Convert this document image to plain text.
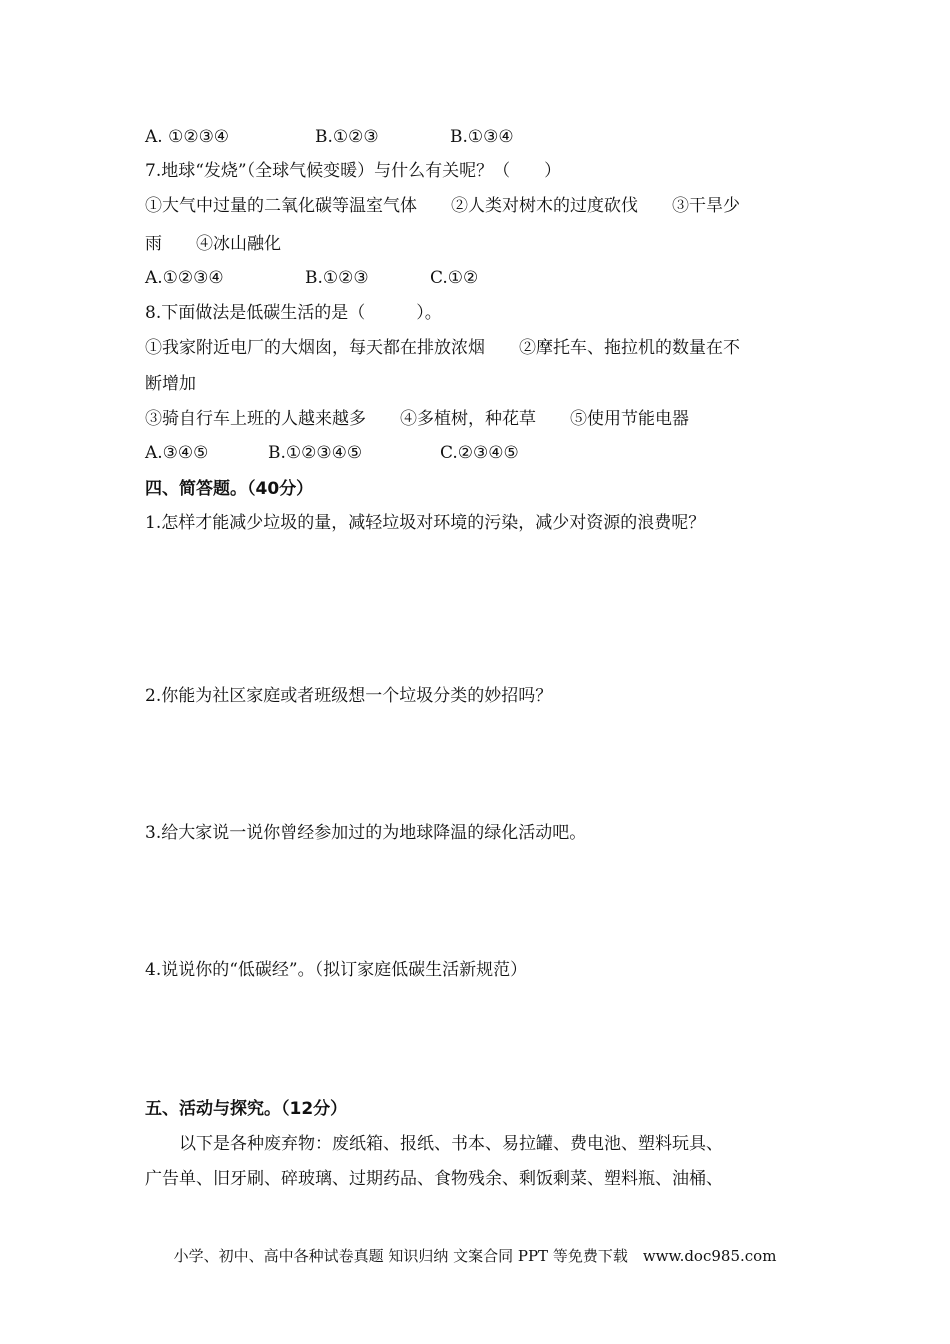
A. ①②③④	B.①②③	B.①③④
7.地球“发烧”（全球气候变暖）与什么有关呢？（　　）
①大气中过量的二氧化碳等温室气体　　②人类对树木的过度砍伐　　③干旱少
雨　　④冰山融化
A.①②③④	B.①②③	C.①②
8.下面做法是低碳生活的是（　　　）。
①我家附近电厂的大烟囱，每天都在排放浓烟　　②摩托车、拖拉机的数量在不
断增加
③骑自行车上班的人越来越多　　④多植树，种花草　　⑤使用节能电器
A.③④⑤	B.①②③④⑤	C.②③④⑤
四、简答题。（40分）
1.怎样才能减少垃圾的量，减轻垃圾对环境的污染，减少对资源的浪费呢？
2.你能为社区家庭或者班级想一个垃圾分类的妙招吗？
3.给大家说一说你曾经参加过的为地球降温的绿化活动吧。
4.说说你的“低碳经”。（拟订家庭低碳生活新规范）
五、活动与探究。（12分）
以下是各种废弃物：废纸箱、报纸、书本、易拉罐、费电池、塑料玩具、
广告单、旧牙刷、碎玻璃、过期药品、食物残余、剩饭剩菜、塑料瓶、油桶、
小学、初中、高中各种试卷真题 知识归纳 文案合同 PPT 等免费下载　www.doc985.com
